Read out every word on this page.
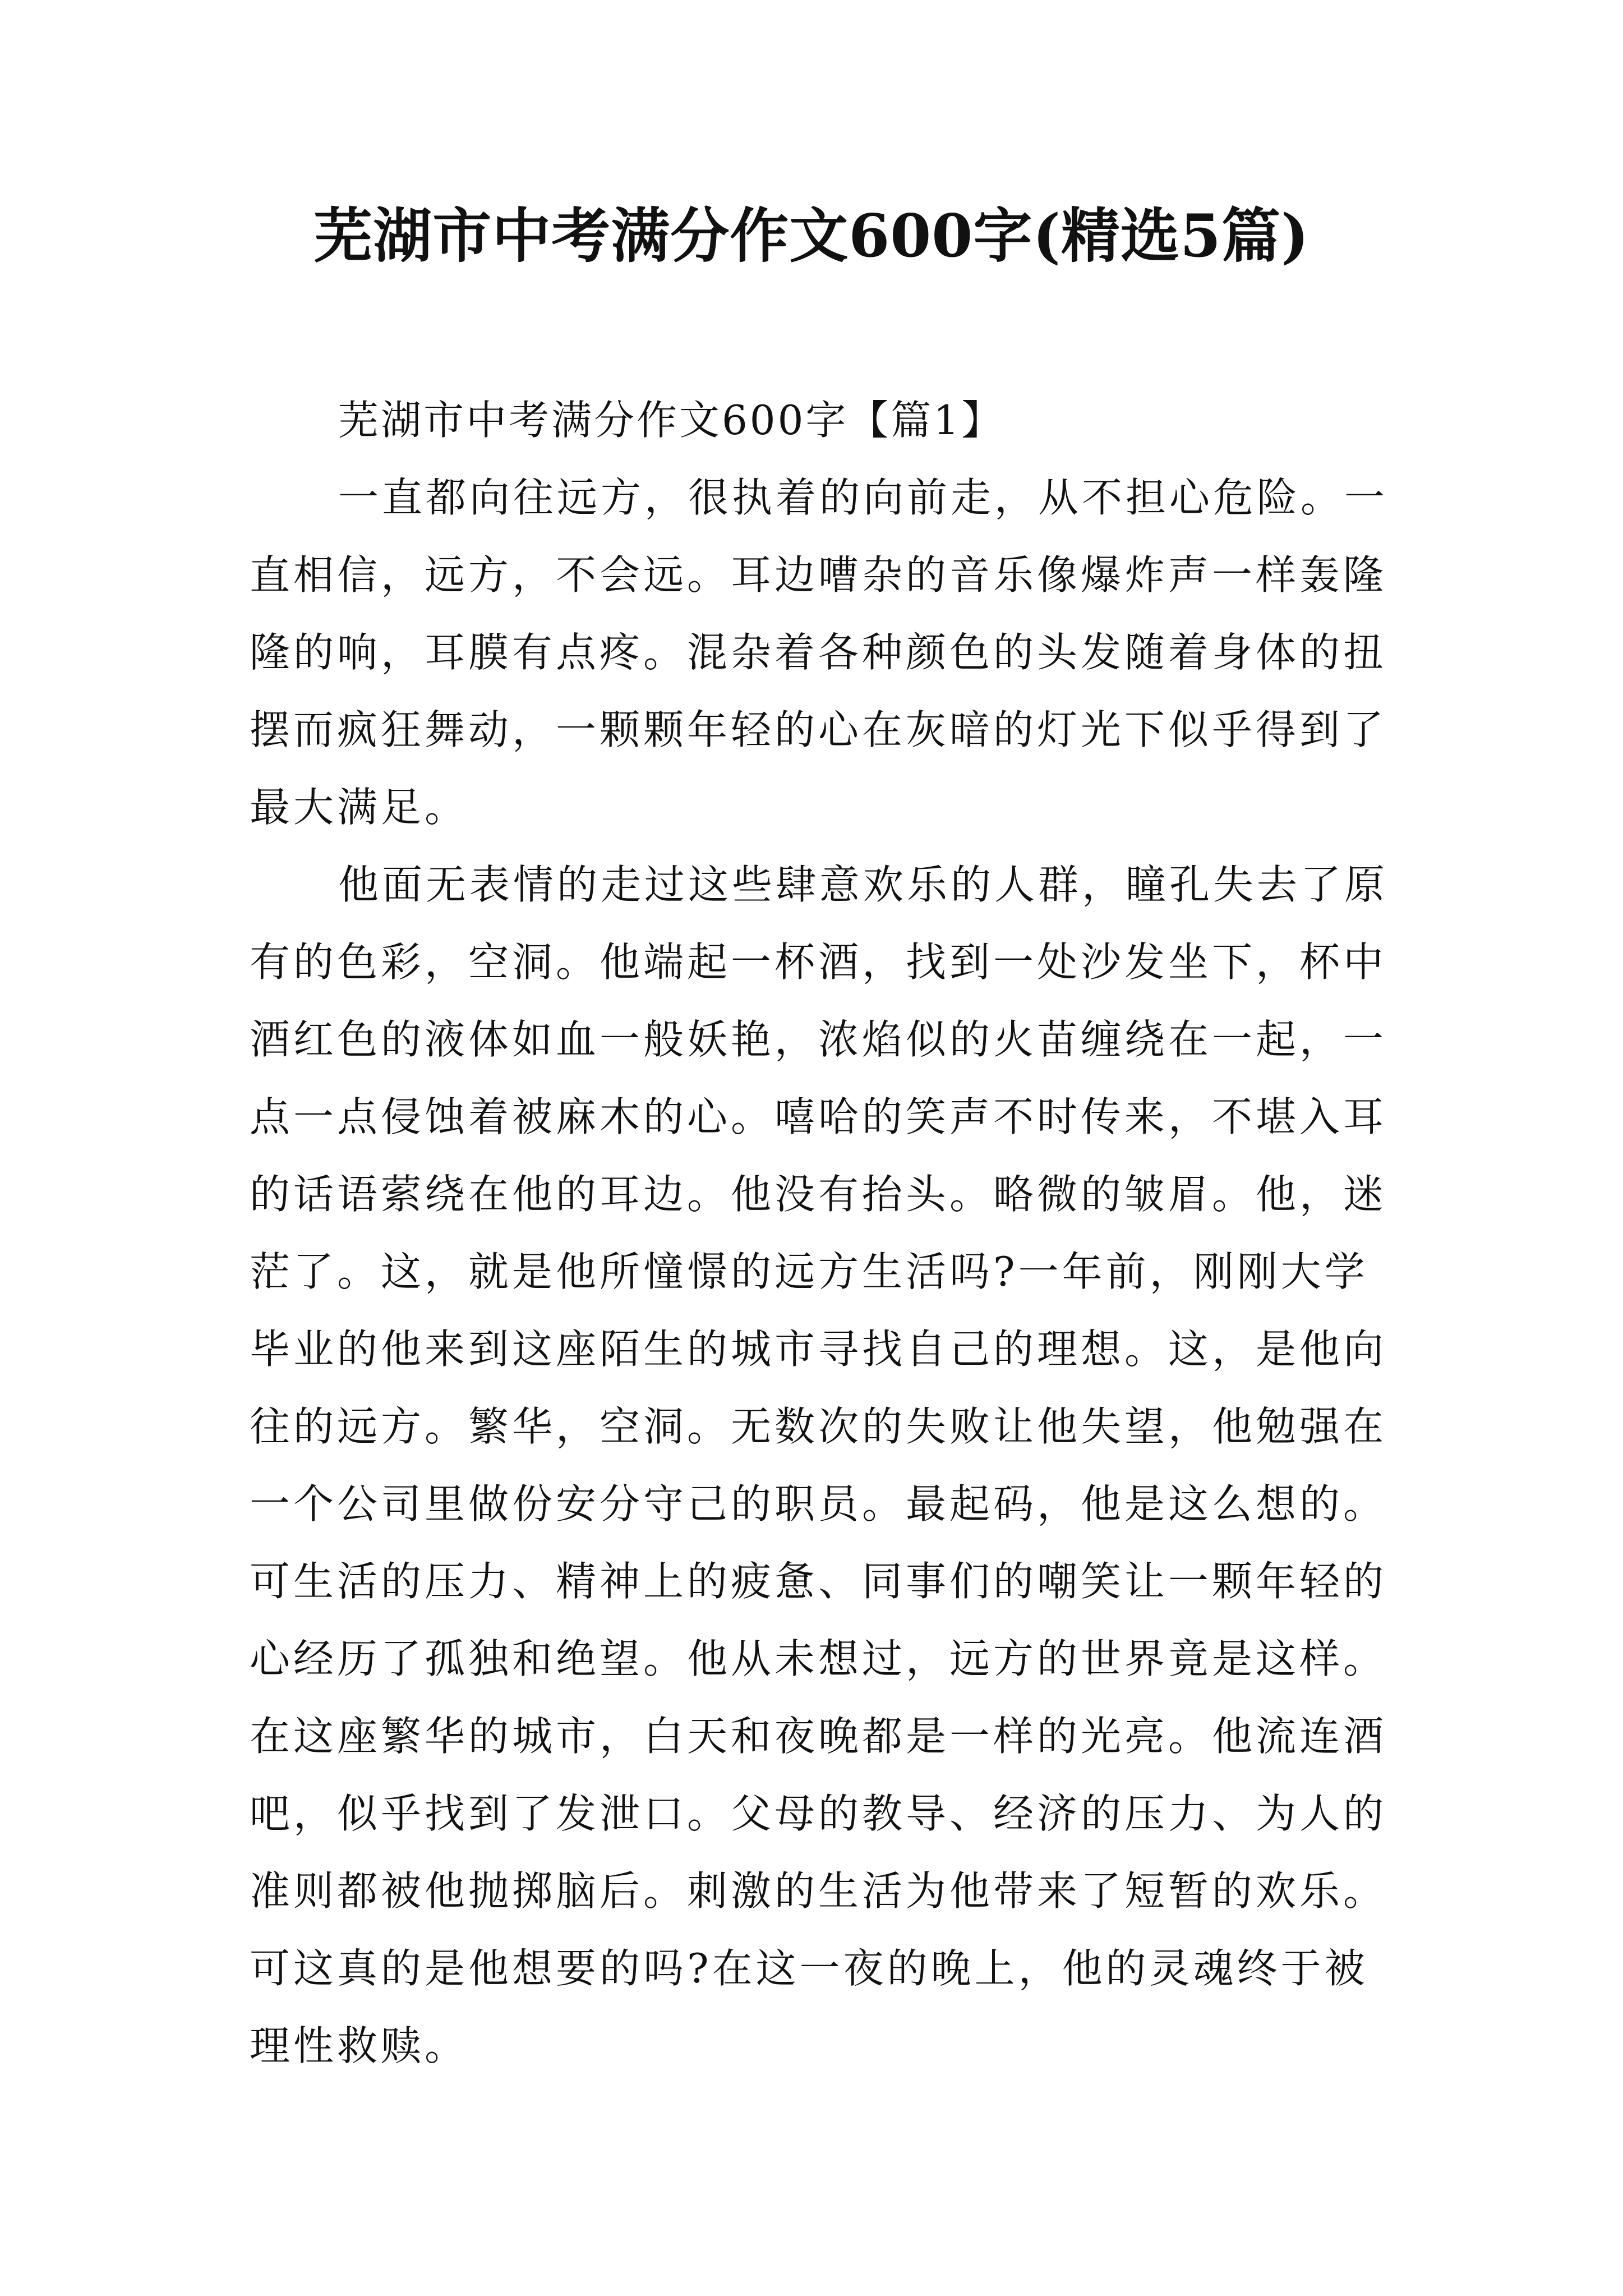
芜湖市中考满分作文600字(精选5篇)
芜湖市中考满分作文600字【篇1】

一直都向往远方，很执着的向前走，从不担心危险。一
直相信，远方，不会远。耳边嘈杂的音乐像爆炸声一样轰隆
隆的响，耳膜有点疼。混杂着各种颜色的头发随着身体的扭
摆而疯狂舞动，一颗颗年轻的心在灰暗的灯光下似乎得到了
最大满足。

他面无表情的走过这些肆意欢乐的人群，瞳孔失去了原
有的色彩，空洞。他端起一杯酒，找到一处沙发坐下，杯中
酒红色的液体如血一般妖艳，浓焰似的火苗缠绕在一起，一
点一点侵蚀着被麻木的心。嘻哈的笑声不时传来，不堪入耳
的话语萦绕在他的耳边。他没有抬头。略微的皱眉。他，迷
茫了。这，就是他所憧憬的远方生活吗?一年前，刚刚大学
毕业的他来到这座陌生的城市寻找自己的理想。这，是他向
往的远方。繁华，空洞。无数次的失败让他失望，他勉强在
一个公司里做份安分守己的职员。最起码，他是这么想的。
可生活的压力、精神上的疲惫、同事们的嘲笑让一颗年轻的
心经历了孤独和绝望。他从未想过，远方的世界竟是这样。
在这座繁华的城市，白天和夜晚都是一样的光亮。他流连酒
吧，似乎找到了发泄口。父母的教导、经济的压力、为人的
准则都被他抛掷脑后。刺激的生活为他带来了短暂的欢乐。
可这真的是他想要的吗?在这一夜的晚上，他的灵魂终于被
理性救赎。
